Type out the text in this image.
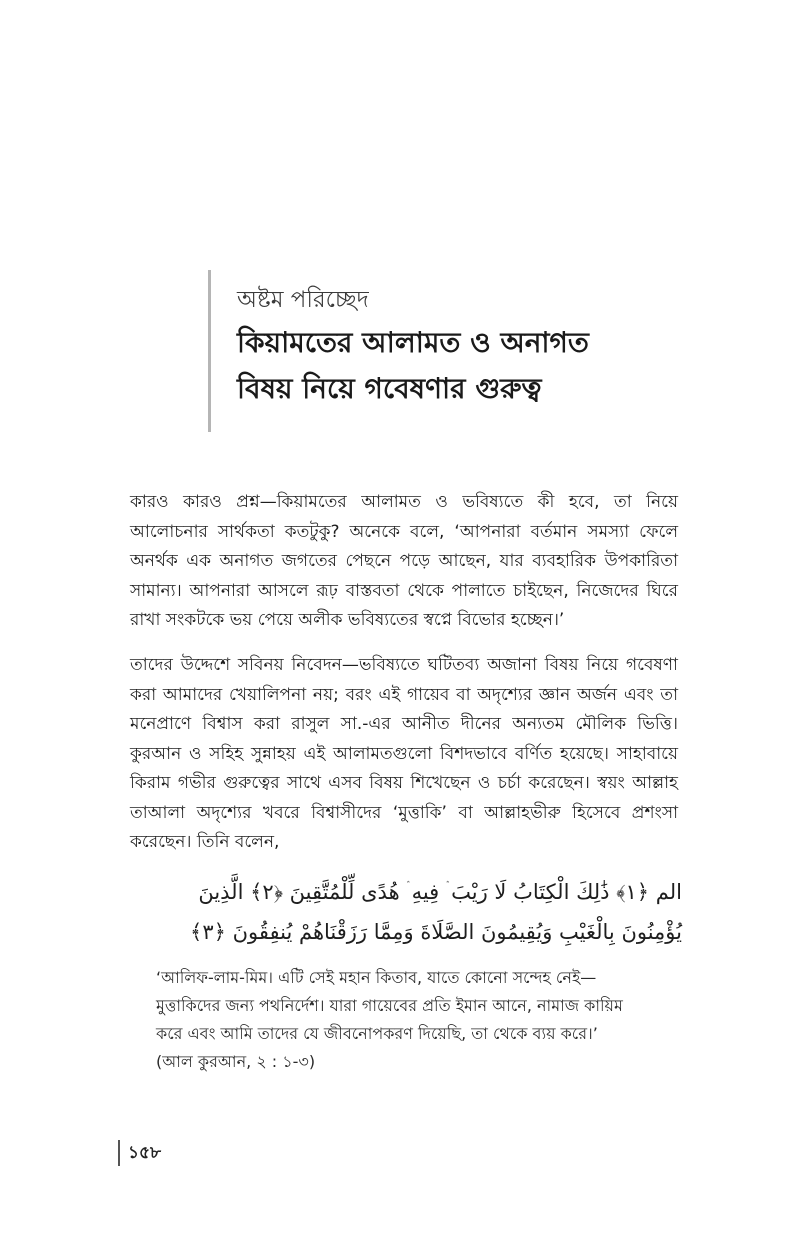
অষ্টম পরিচ্ছেদ
কিয়ামতের আলামত ও অনাগত
বিষয় নিয়ে গবেষণার গুরুত্ব

কারও কারও প্রশ্ন—কিয়ামতের আলামত ও ভবিষ্যতে কী হবে, তা নিয়ে আলোচনার সার্থকতা কতটুকু? অনেকে বলে, ‘আপনারা বর্তমান সমস্যা ফেলে অনর্থক এক অনাগত জগতের পেছনে পড়ে আছেন, যার ব্যবহারিক উপকারিতা সামান্য। আপনারা আসলে রূঢ় বাস্তবতা থেকে পালাতে চাইছেন, নিজেদের ঘিরে রাখা সংকটকে ভয় পেয়ে অলীক ভবিষ্যতের স্বপ্নে বিভোর হচ্ছেন।’

তাদের উদ্দেশে সবিনয় নিবেদন—ভবিষ্যতে ঘটিতব্য অজানা বিষয় নিয়ে গবেষণা করা আমাদের খেয়ালিপনা নয়; বরং এই গায়েব বা অদৃশ্যের জ্ঞান অর্জন এবং তা মনেপ্রাণে বিশ্বাস করা রাসুল সা.-এর আনীত দীনের অন্যতম মৌলিক ভিত্তি। কুরআন ও সহিহ সুন্নাহয় এই আলামতগুলো বিশদভাবে বর্ণিত হয়েছে। সাহাবায়ে কিরাম গভীর গুরুত্বের সাথে এসব বিষয় শিখেছেন ও চর্চা করেছেন। স্বয়ং আল্লাহ তাআলা অদৃশ্যের খবরে বিশ্বাসীদের ‘মুত্তাকি’ বা আল্লাহভীরু হিসেবে প্রশংসা করেছেন। তিনি বলেন,

الم ﴿١﴾ ذَٰلِكَ الْكِتَابُ لَا رَيْبَ ۛ فِيهِ ۛ هُدًى لِّلْمُتَّقِينَ ﴿٢﴾ الَّذِينَ
يُؤْمِنُونَ بِالْغَيْبِ وَيُقِيمُونَ الصَّلَاةَ وَمِمَّا رَزَقْنَاهُمْ يُنفِقُونَ ﴿٣﴾
‘আলিফ-লাম-মিম। এটি সেই মহান কিতাব, যাতে কোনো সন্দেহ নেই—
মুত্তাকিদের জন্য পথনির্দেশ। যারা গায়েবের প্রতি ইমান আনে, নামাজ কায়িম
করে এবং আমি তাদের যে জীবনোপকরণ দিয়েছি, তা থেকে ব্যয় করে।’
(আল কুরআন, ২ : ১-৩)
১৫৮
